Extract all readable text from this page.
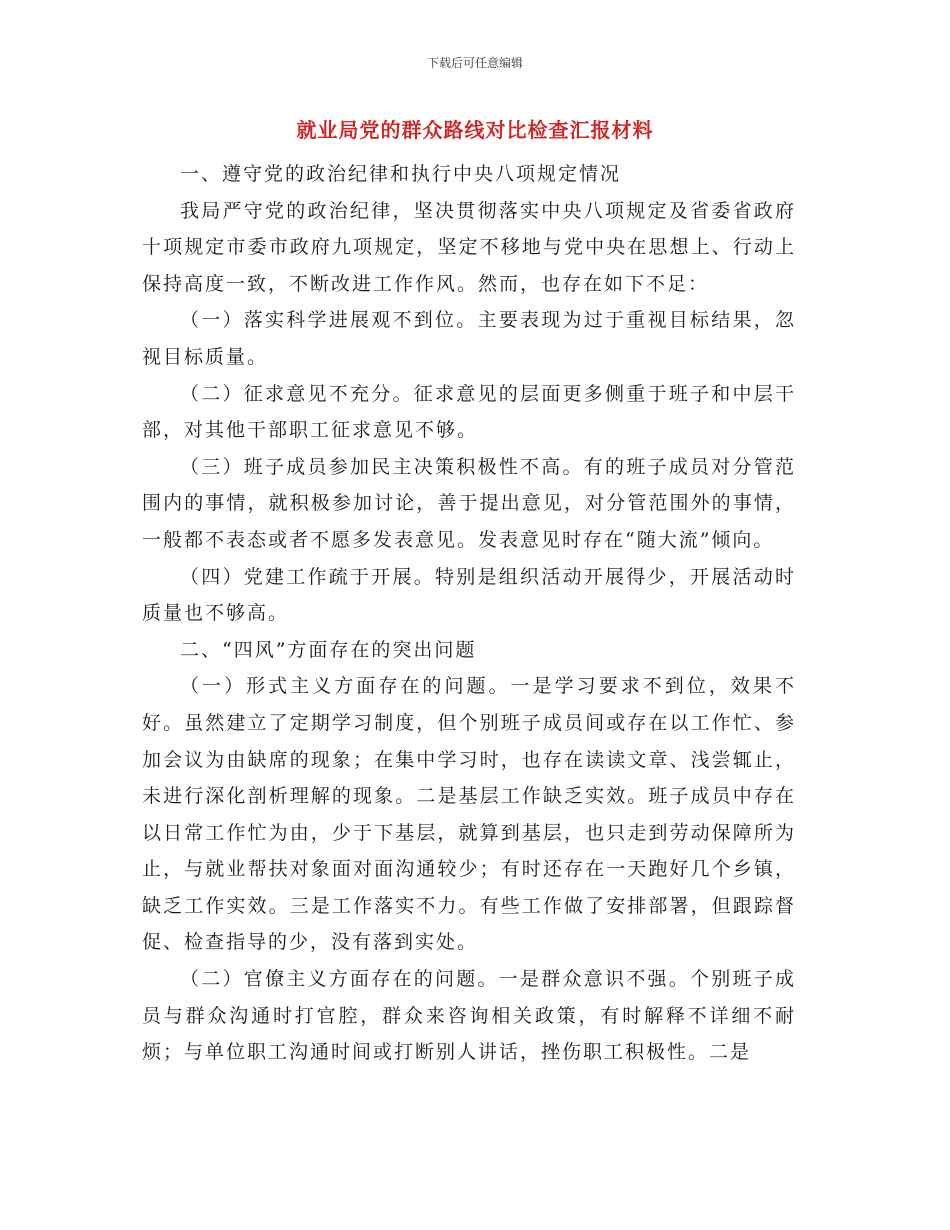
下载后可任意编辑
就业局党的群众路线对比检查汇报材料

一、遵守党的政治纪律和执行中央八项规定情况

我局严守党的政治纪律，坚决贯彻落实中央八项规定及省委省政府十项规定市委市政府九项规定，坚定不移地与党中央在思想上、行动上保持高度一致，不断改进工作作风。然而，也存在如下不足：

（一）落实科学进展观不到位。主要表现为过于重视目标结果，忽视目标质量。

（二）征求意见不充分。征求意见的层面更多侧重于班子和中层干部，对其他干部职工征求意见不够。

（三）班子成员参加民主决策积极性不高。有的班子成员对分管范围内的事情，就积极参加讨论，善于提出意见，对分管范围外的事情，一般都不表态或者不愿多发表意见。发表意见时存在“随大流”倾向。

（四）党建工作疏于开展。特别是组织活动开展得少，开展活动时质量也不够高。

二、“四风”方面存在的突出问题

（一）形式主义方面存在的问题。一是学习要求不到位，效果不好。虽然建立了定期学习制度，但个别班子成员间或存在以工作忙、参加会议为由缺席的现象；在集中学习时，也存在读读文章、浅尝辄止，未进行深化剖析理解的现象。二是基层工作缺乏实效。班子成员中存在以日常工作忙为由，少于下基层，就算到基层，也只走到劳动保障所为止，与就业帮扶对象面对面沟通较少；有时还存在一天跑好几个乡镇，缺乏工作实效。三是工作落实不力。有些工作做了安排部署，但跟踪督促、检查指导的少，没有落到实处。

（二）官僚主义方面存在的问题。一是群众意识不强。个别班子成员与群众沟通时打官腔，群众来咨询相关政策，有时解释不详细不耐烦；与单位职工沟通时间或打断别人讲话，挫伤职工积极性。二是
